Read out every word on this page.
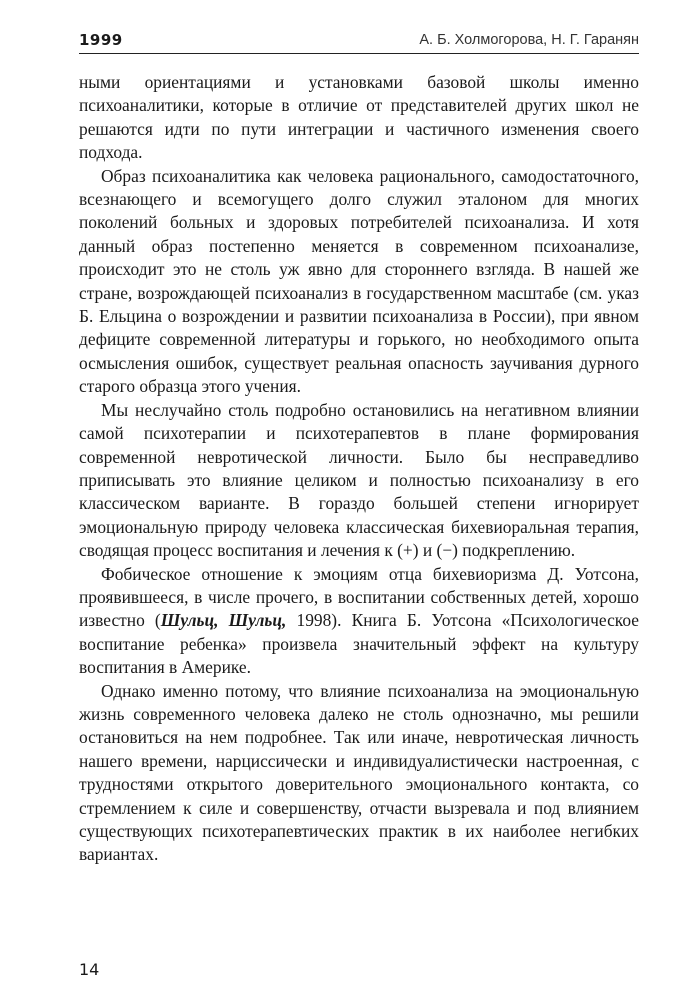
1999	А. Б. Холмогорова, Н. Г. Гаранян

ными ориентациями и установками базовой школы именно психоаналитики, которые в отличие от представителей других школ не решаются идти по пути интеграции и частичного изменения своего подхода.

Образ психоаналитика как человека рационального, самодостаточного, всезнающего и всемогущего долго служил эталоном для многих поколений больных и здоровых потребителей психоанализа. И хотя данный образ постепенно меняется в современном психоанализе, происходит это не столь уж явно для стороннего взгляда. В нашей же стране, возрождающей психоанализ в государственном масштабе (см. указ Б. Ельцина о возрождении и развитии психоанализа в России), при явном дефиците современной литературы и горького, но необходимого опыта осмысления ошибок, существует реальная опасность заучивания дурного старого образца этого учения.

Мы неслучайно столь подробно остановились на негативном влиянии самой психотерапии и психотерапевтов в плане формирования современной невротической личности. Было бы несправедливо приписывать это влияние целиком и полностью психоанализу в его классическом варианте. В гораздо большей степени игнорирует эмоциональную природу человека классическая бихевиоральная терапия, сводящая процесс воспитания и лечения к (+) и (−) подкреплению.

Фобическое отношение к эмоциям отца бихевиоризма Д. Уотсона, проявившееся, в числе прочего, в воспитании собственных детей, хорошо известно (Шульц, Шульц, 1998). Книга Б. Уотсона «Психологическое воспитание ребенка» произвела значительный эффект на культуру воспитания в Америке.

Однако именно потому, что влияние психоанализа на эмоциональную жизнь современного человека далеко не столь однозначно, мы решили остановиться на нем подробнее. Так или иначе, невротическая личность нашего времени, нарциссически и индивидуалистически настроенная, с трудностями открытого доверительного эмоционального контакта, со стремлением к силе и совершенству, отчасти вызревала и под влиянием существующих психотерапевтических практик в их наиболее негибких вариантах.

14
